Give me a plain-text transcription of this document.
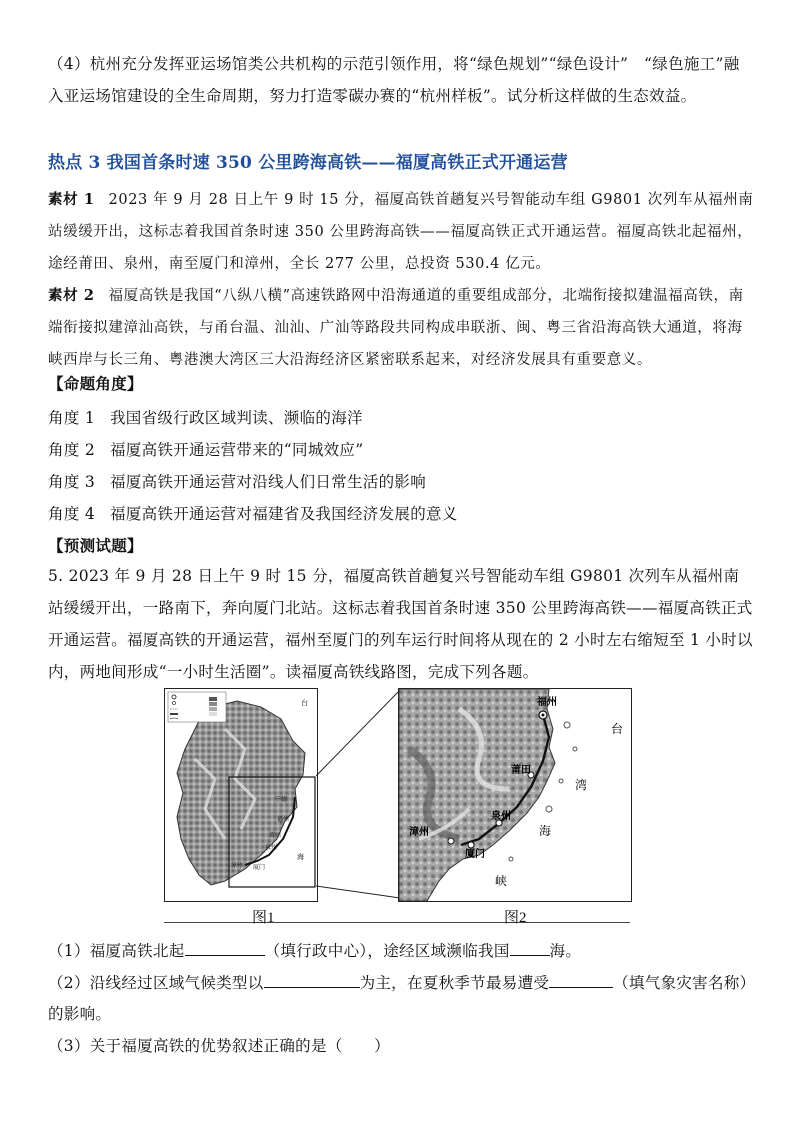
（4）杭州充分发挥亚运场馆类公共机构的示范引领作用，将“绿色规划”“绿色设计”　“绿色施工”融入亚运场馆建设的全生命周期，努力打造零碳办赛的“杭州样板”。试分析这样做的生态效益。
热点 3 我国首条时速 350 公里跨海高铁——福厦高铁正式开通运营
素材 1 2023 年 9 月 28 日上午 9 时 15 分，福厦高铁首趟复兴号智能动车组 G9801 次列车从福州南站缓缓开出，这标志着我国首条时速 350 公里跨海高铁——福厦高铁正式开通运营。福厦高铁北起福州，途经莆田、泉州，南至厦门和漳州，全长 277 公里，总投资 530.4 亿元。
素材 2 福厦高铁是我国“八纵八横”高速铁路网中沿海通道的重要组成部分，北端衔接拟建温福高铁，南端衔接拟建漳汕高铁，与甬台温、汕汕、广汕等路段共同构成串联浙、闽、粤三省沿海高铁大通道，将海峡西岸与长三角、粤港澳大湾区三大沿海经济区紧密联系起来，对经济发展具有重要意义。
【命题角度】
角度 1 我国省级行政区域判读、濒临的海洋
角度 2 福厦高铁开通运营带来的“同城效应”
角度 3 福厦高铁开通运营对沿线人们日常生活的影响
角度 4 福厦高铁开通运营对福建省及我国经济发展的意义
【预测试题】
5. 2023 年 9 月 28 日上午 9 时 15 分，福厦高铁首趟复兴号智能动车组 G9801 次列车从福州南站缓缓开出，一路南下，奔向厦门北站。这标志着我国首条时速 350 公里跨海高铁——福厦高铁正式开通运营。福厦高铁的开通运营，福州至厦门的列车运行时间将从现在的 2 小时左右缩短至 1 小时以内，两地间形成“一小时生活圈”。读福厦高铁线路图，完成下列各题。
台
宁德
福州
莆田
泉州
漳州 厦门
海
福州
莆田
泉州
漳州
厦门
台
湾
海
峡
图1	图2
（1）福厦高铁北起	（填行政中心），途经区域濒临我国	海。
（2）沿线经过区域气候类型以	为主，在夏秋季节最易遭受	（填气象灾害名称）
的影响。
（3）关于福厦高铁的优势叙述正确的是（　　）
